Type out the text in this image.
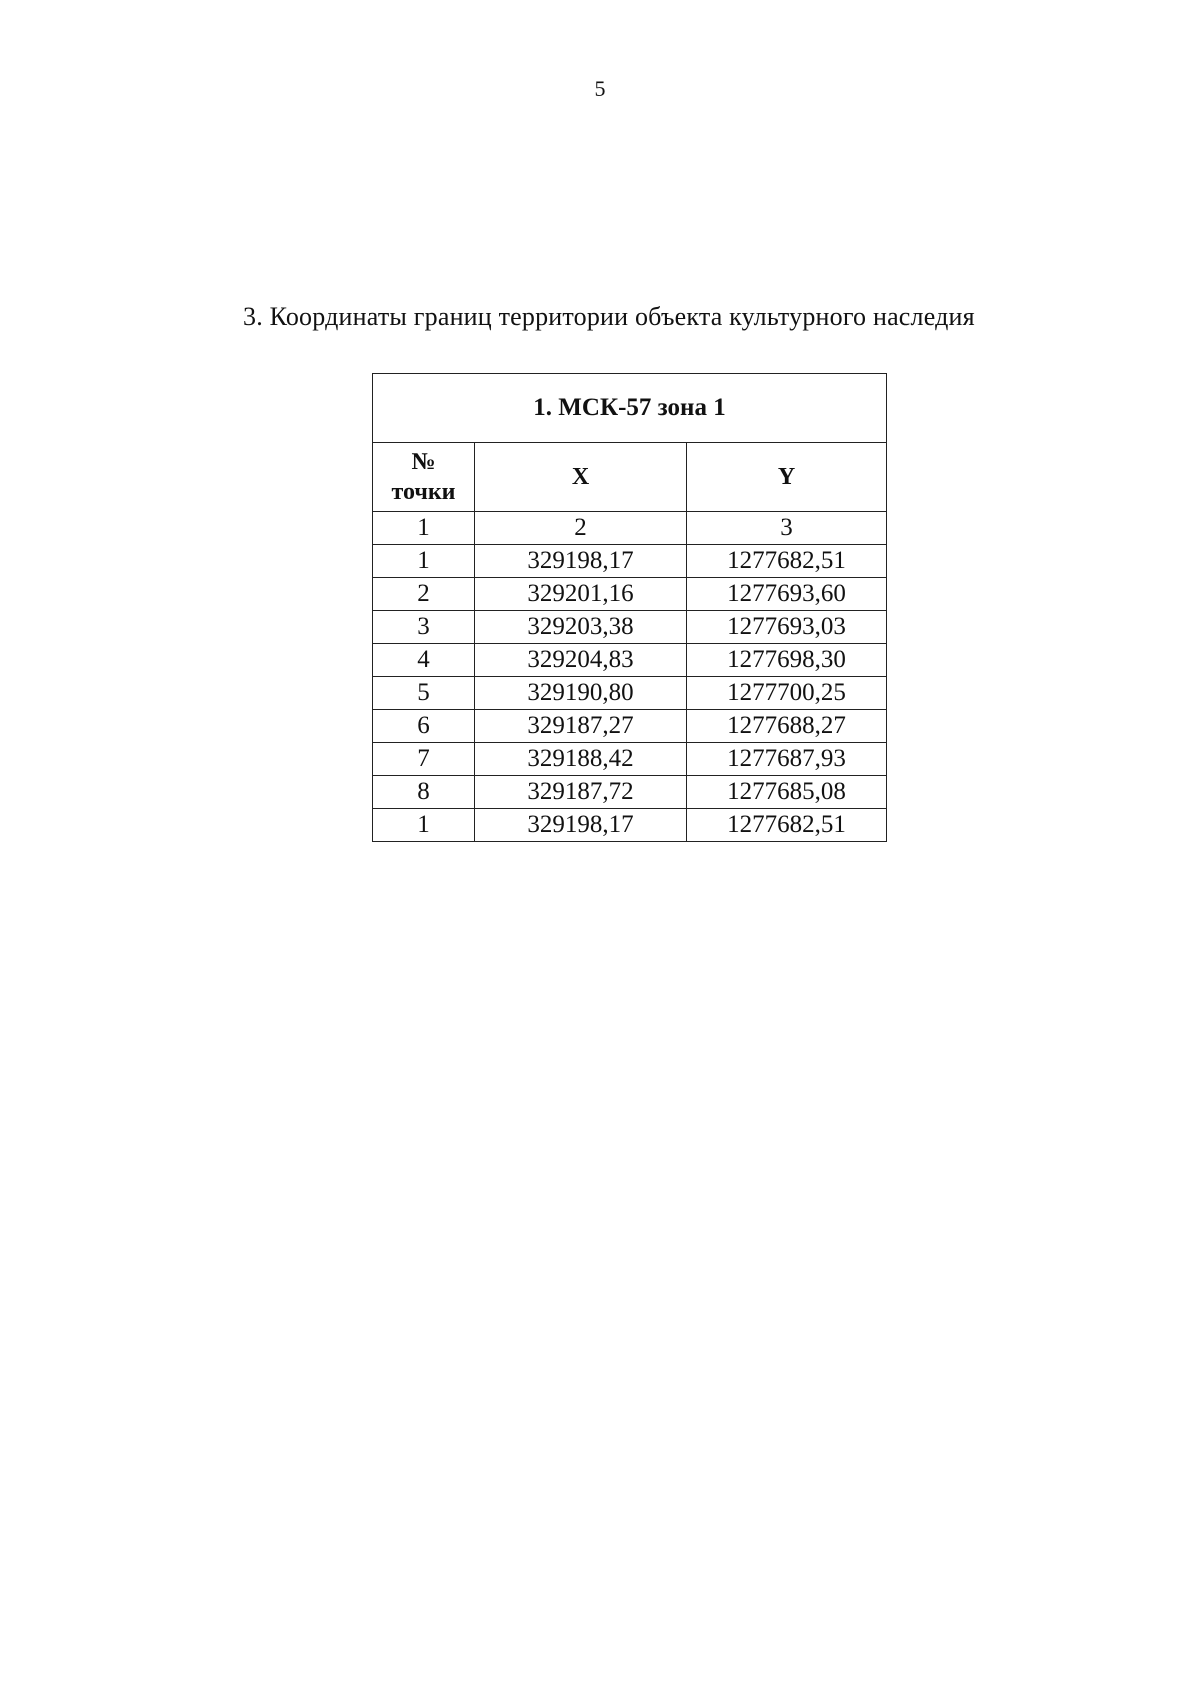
5
3. Координаты границ территории объекта культурного наследия
1. МСК-57 зона 1		
№
точки	X	Y
1	2	3
1	329198,17	1277682,51
2	329201,16	1277693,60
3	329203,38	1277693,03
4	329204,83	1277698,30
5	329190,80	1277700,25
6	329187,27	1277688,27
7	329188,42	1277687,93
8	329187,72	1277685,08
1	329198,17	1277682,51
